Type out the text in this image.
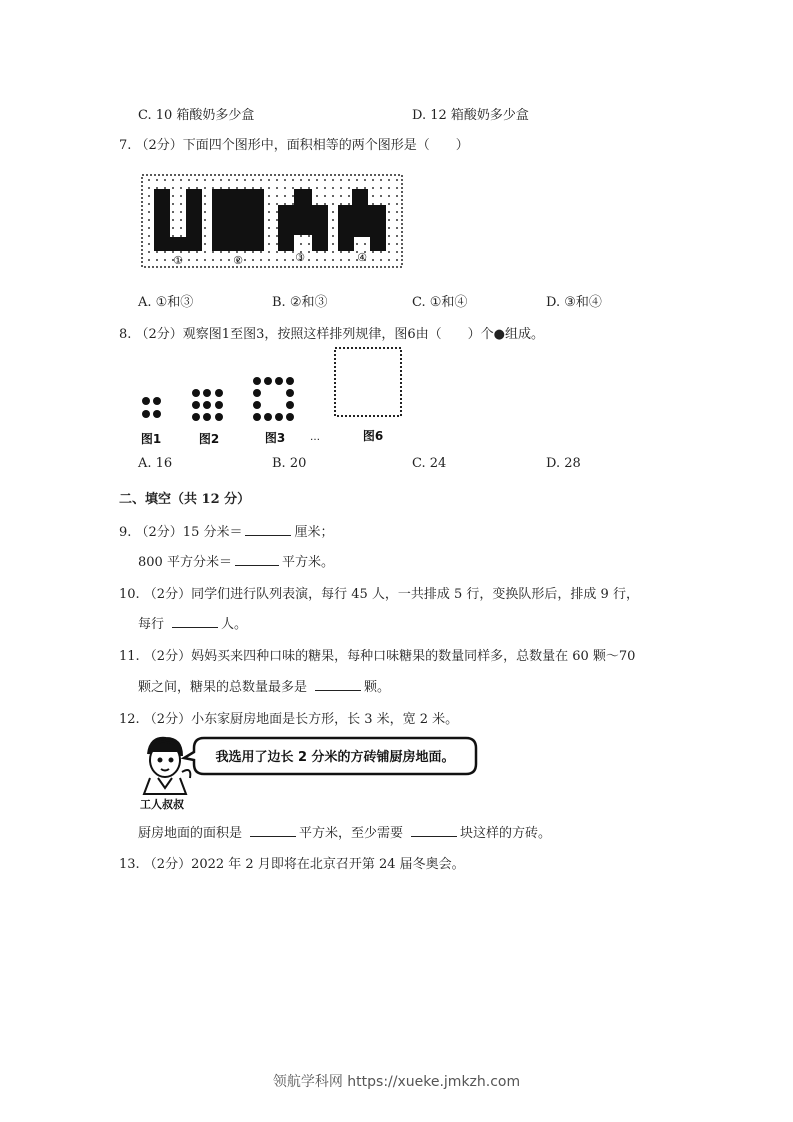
C. 10 箱酸奶多少盒	D. 12 箱酸奶多少盒
7. （2分）下面四个图形中，面积相等的两个图形是（　　）
①	②	③	④
A. ①和③	B. ②和③	C. ①和④	D. ③和④
8. （2分）观察图1至图3，按照这样排列规律，图6由（　　）个●组成。
图1	图2	图3 …	图6
A. 16	B. 20	C. 24	D. 28
二、填空（共 12 分）
9. （2分）15 分米＝	厘米；
800 平方分米＝	平方米。
10. （2分）同学们进行队列表演，每行 45 人，一共排成 5 行，变换队形后，排成 9 行，
每行	人。
11. （2分）妈妈买来四种口味的糖果，每种口味糖果的数量同样多，总数量在 60 颗～70
颗之间，糖果的总数量最多是	颗。
12. （2分）小东家厨房地面是长方形，长 3 米，宽 2 米。
我选用了边长 2 分米的方砖铺厨房地面。
工人叔叔
厨房地面的面积是	平方米，至少需要	块这样的方砖。
13. （2分）2022 年 2 月即将在北京召开第 24 届冬奥会。
领航学科网 https://xueke.jmkzh.com
